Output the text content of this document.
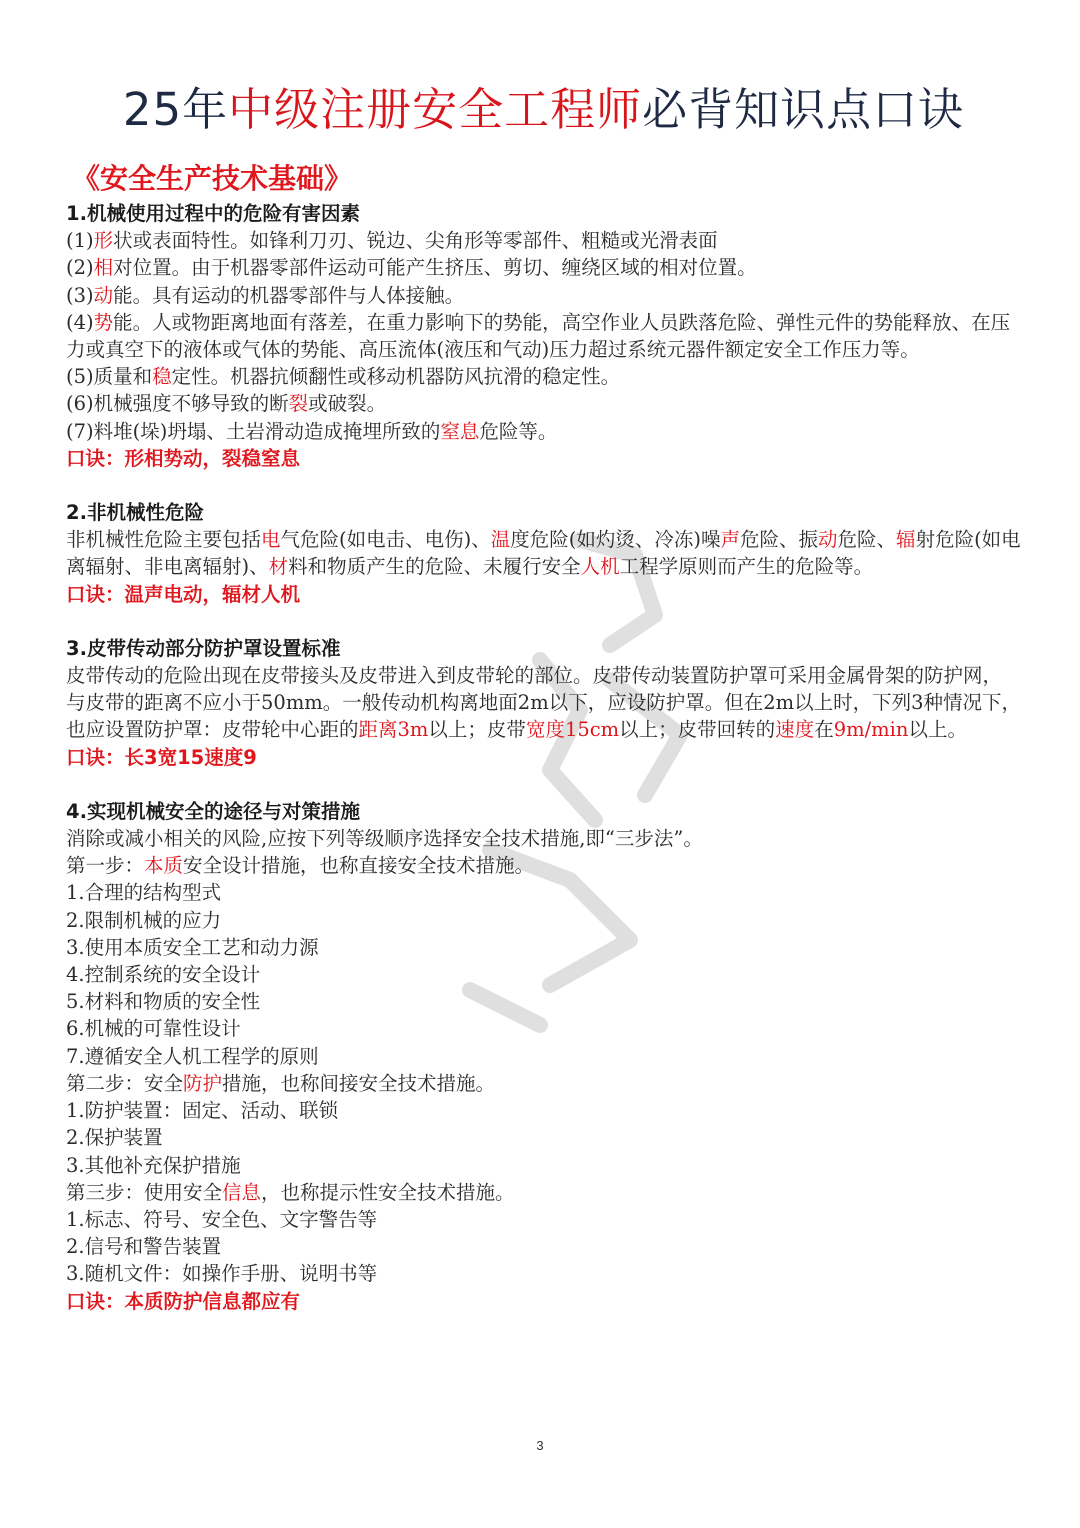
25年中级注册安全工程师必背知识点口诀
《安全生产技术基础》
1.机械使用过程中的危险有害因素

(1)形状或表面特性。如锋利刀刃、锐边、尖角形等零部件、粗糙或光滑表面

(2)相对位置。由于机器零部件运动可能产生挤压、剪切、缠绕区域的相对位置。

(3)动能。具有运动的机器零部件与人体接触。

(4)势能。人或物距离地面有落差，在重力影响下的势能，高空作业人员跌落危险、弹性元件的势能释放、在压力或真空下的液体或气体的势能、高压流体(液压和气动)压力超过系统元器件额定安全工作压力等。

(5)质量和稳定性。机器抗倾翻性或移动机器防风抗滑的稳定性。

(6)机械强度不够导致的断裂或破裂。

(7)料堆(垛)坍塌、土岩滑动造成掩埋所致的窒息危险等。

口诀：形相势动，裂稳窒息

2.非机械性危险

非机械性危险主要包括电气危险(如电击、电伤)、温度危险(如灼烫、冷冻)噪声危险、振动危险、辐射危险(如电离辐射、非电离辐射)、材料和物质产生的危险、未履行安全人机工程学原则而产生的危险等。

口诀：温声电动，辐材人机

3.皮带传动部分防护罩设置标准

皮带传动的危险出现在皮带接头及皮带进入到皮带轮的部位。皮带传动装置防护罩可采用金属骨架的防护网，与皮带的距离不应小于50mm。一般传动机构离地面2m以下，应设防护罩。但在2m以上时，下列3种情况下，也应设置防护罩：皮带轮中心距的距离3m以上；皮带宽度15cm以上；皮带回转的速度在9m/min以上。

口诀：长3宽15速度9

4.实现机械安全的途径与对策措施

消除或减小相关的风险,应按下列等级顺序选择安全技术措施,即“三步法”。

第一步：本质安全设计措施，也称直接安全技术措施。

1.合理的结构型式

2.限制机械的应力

3.使用本质安全工艺和动力源

4.控制系统的安全设计

5.材料和物质的安全性

6.机械的可靠性设计

7.遵循安全人机工程学的原则

第二步：安全防护措施，也称间接安全技术措施。

1.防护装置：固定、活动、联锁

2.保护装置

3.其他补充保护措施

第三步：使用安全信息，也称提示性安全技术措施。

1.标志、符号、安全色、文字警告等

2.信号和警告装置

3.随机文件：如操作手册、说明书等

口诀：本质防护信息都应有

3
